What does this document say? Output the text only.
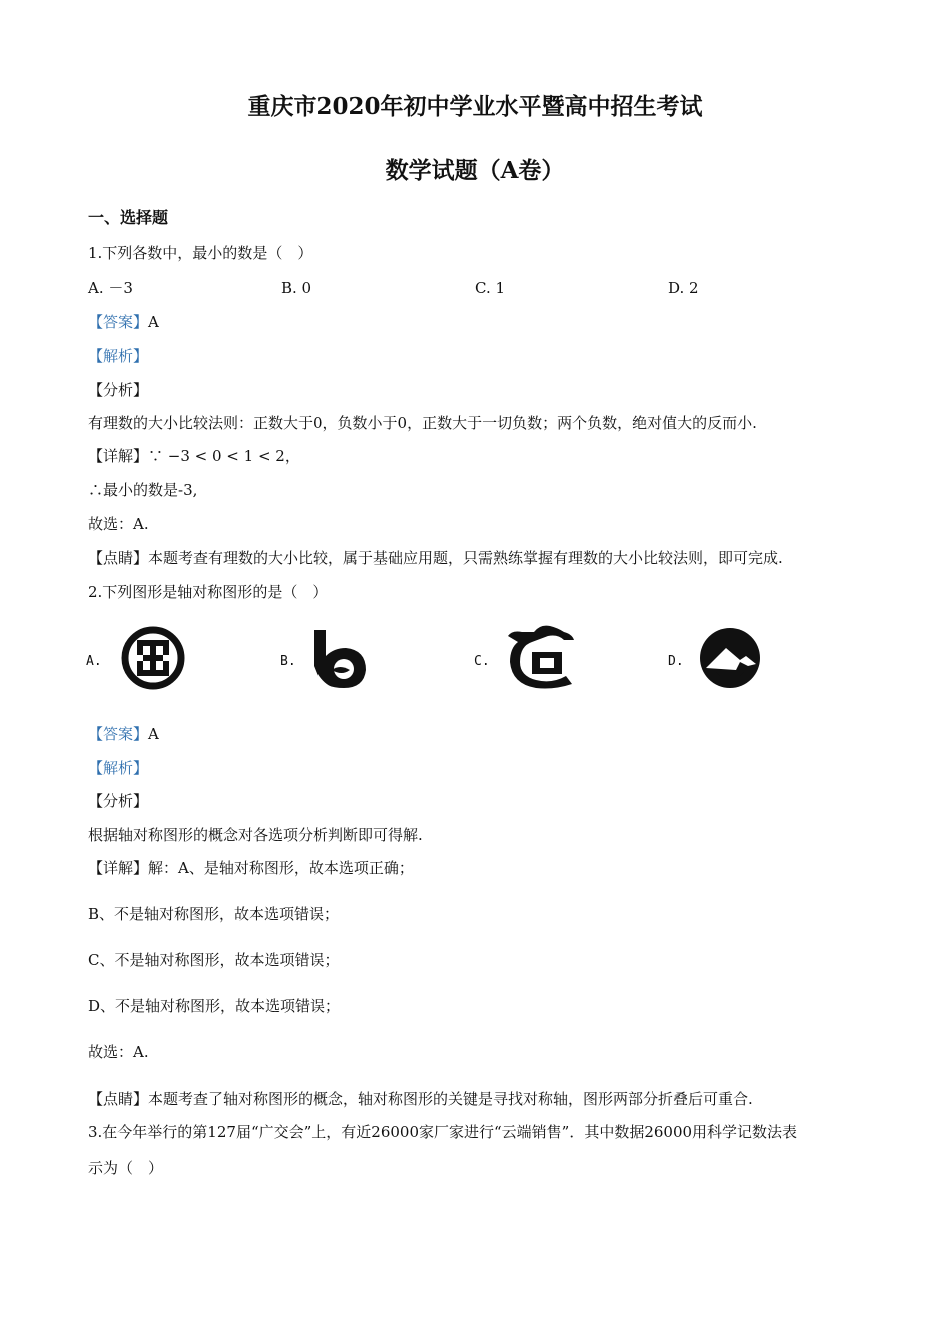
重庆市2020年初中学业水平暨高中招生考试
数学试题（A卷）
一、选择题
1.下列各数中，最小的数是（　）
A. －3	B. 0	C. 1	D. 2
【答案】A
【解析】
【分析】
有理数的大小比较法则：正数大于0，负数小于0，正数大于一切负数；两个负数，绝对值大的反而小.
【详解】∵ −3 < 0 < 1 < 2，
∴最小的数是-3,
故选：A.
【点睛】本题考查有理数的大小比较，属于基础应用题，只需熟练掌握有理数的大小比较法则，即可完成.
2.下列图形是轴对称图形的是（　）
A.	B.	C.	D.
【答案】A
【解析】
【分析】
根据轴对称图形的概念对各选项分析判断即可得解.
【详解】解：A、是轴对称图形，故本选项正确；
B、不是轴对称图形，故本选项错误；
C、不是轴对称图形，故本选项错误；
D、不是轴对称图形，故本选项错误；
故选：A.
【点睛】本题考查了轴对称图形的概念，轴对称图形的关键是寻找对称轴，图形两部分折叠后可重合.
3.在今年举行的第127届“广交会”上，有近26000家厂家进行“云端销售”．其中数据26000用科学记数法表
示为（　）
